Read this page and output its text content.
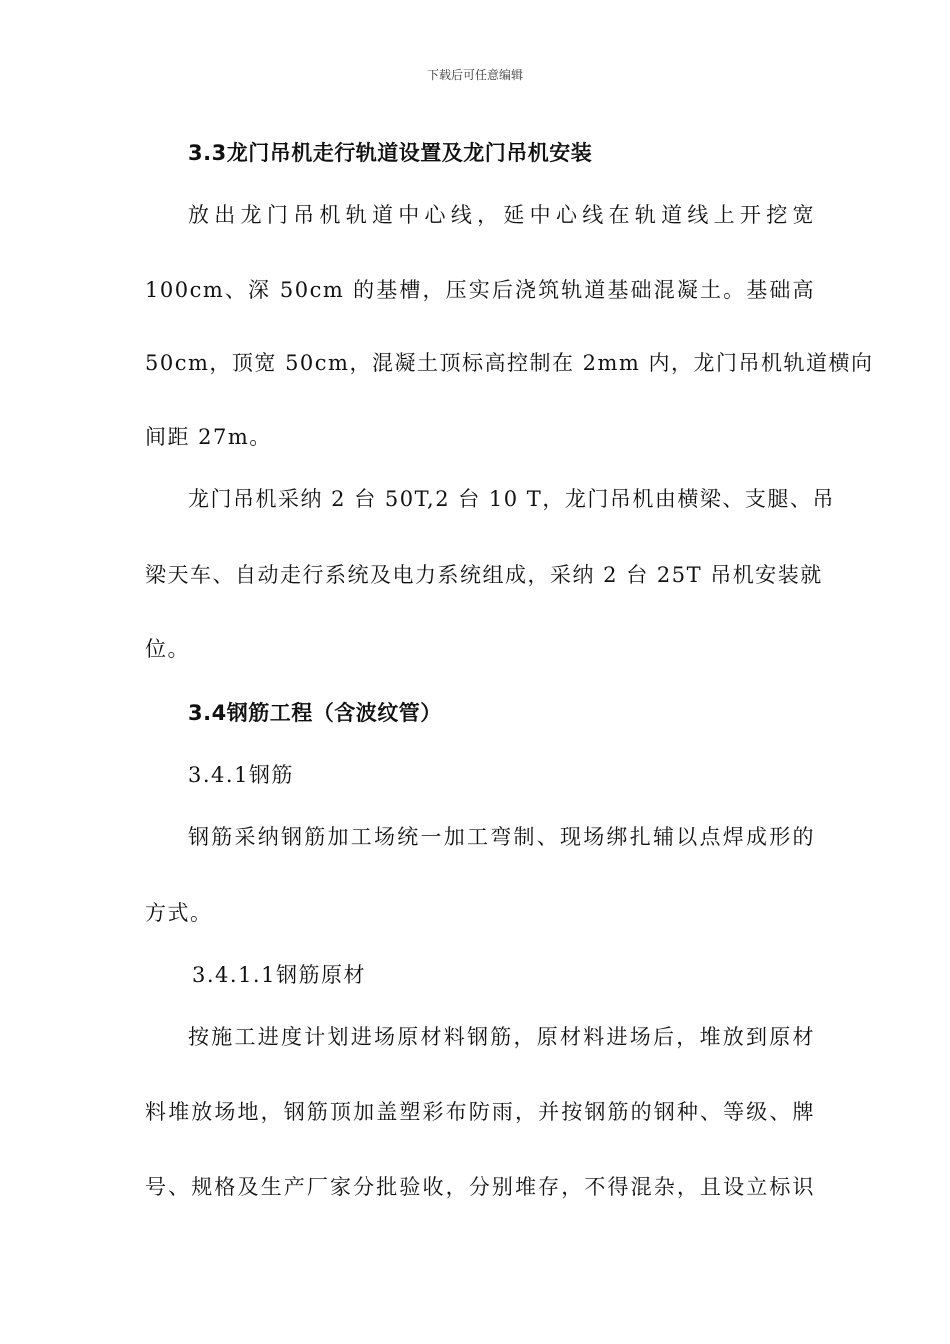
下载后可任意编辑
3.3龙门吊机走行轨道设置及龙门吊机安装
放出龙门吊机轨道中心线，延中心线在轨道线上开挖宽
100cm、深 50cm 的基槽，压实后浇筑轨道基础混凝土。基础高
50cm，顶宽 50cm，混凝土顶标高控制在 2mm 内，龙门吊机轨道横向
间距 27m。
龙门吊机采纳 2 台 50T,2 台 10 T，龙门吊机由横梁、支腿、吊
梁天车、自动走行系统及电力系统组成，采纳 2 台 25T 吊机安装就
位。
3.4钢筋工程（含波纹管）
3.4.1钢筋
钢筋采纳钢筋加工场统一加工弯制、现场绑扎辅以点焊成形的
方式。
3.4.1.1钢筋原材
按施工进度计划进场原材料钢筋，原材料进场后，堆放到原材
料堆放场地，钢筋顶加盖塑彩布防雨，并按钢筋的钢种、等级、牌
号、规格及生产厂家分批验收，分别堆存，不得混杂，且设立标识
